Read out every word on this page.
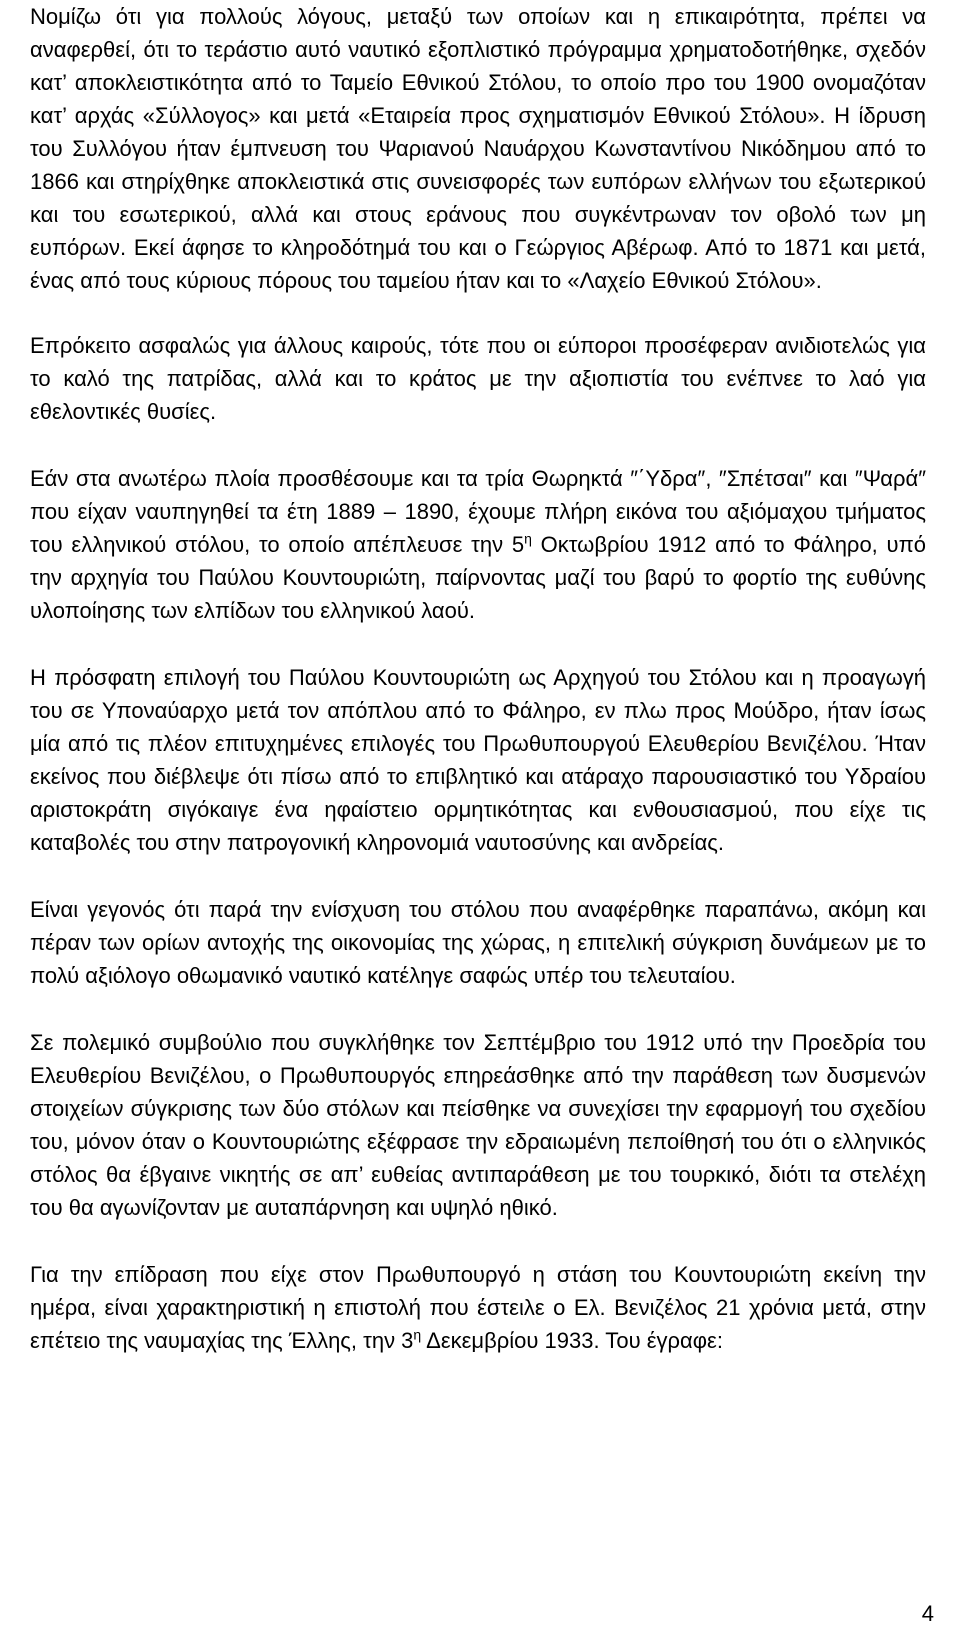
Νομίζω ότι για πολλούς λόγους, μεταξύ των οποίων και η επικαιρότητα, πρέπει να αναφερθεί, ότι το τεράστιο αυτό ναυτικό εξοπλιστικό πρόγραμμα χρηματοδοτήθηκε, σχεδόν κατ’ αποκλειστικότητα από το Ταμείο Εθνικού Στόλου, το οποίο προ του 1900 ονομαζόταν κατ’ αρχάς «Σύλλογος» και μετά «Εταιρεία προς σχηματισμόν Εθνικού Στόλου». Η ίδρυση του Συλλόγου ήταν έμπνευση του Ψαριανού Ναυάρχου Κωνσταντίνου Νικόδημου από το 1866 και στηρίχθηκε αποκλειστικά στις συνεισφορές των ευπόρων ελλήνων του εξωτερικού και του εσωτερικού, αλλά και στους εράνους που συγκέντρωναν τον οβολό των μη ευπόρων. Εκεί άφησε το κληροδότημά του και ο Γεώργιος Αβέρωφ. Από το 1871 και μετά, ένας από τους κύριους πόρους του ταμείου ήταν και το «Λαχείο Εθνικού Στόλου».

Επρόκειτο ασφαλώς για άλλους καιρούς, τότε που οι εύποροι προσέφεραν ανιδιοτελώς για το καλό της πατρίδας, αλλά και το κράτος με την αξιοπιστία του ενέπνεε το λαό για εθελοντικές θυσίες.

Εάν στα ανωτέρω πλοία προσθέσουμε και τα τρία Θωρηκτά ″΄Υδρα″, ″Σπέτσαι″ και ″Ψαρά″ που είχαν ναυπηγηθεί τα έτη 1889 – 1890, έχουμε πλήρη εικόνα του αξιόμαχου τμήματος του ελληνικού στόλου, το οποίο απέπλευσε την $5^\eta$ Οκτωβρίου 1912 από το Φάληρο, υπό την αρχηγία του Παύλου Κουντουριώτη, παίρνοντας μαζί του βαρύ το φορτίο της ευθύνης υλοποίησης των ελπίδων του ελληνικού λαού.

Η πρόσφατη επιλογή του Παύλου Κουντουριώτη ως Αρχηγού του Στόλου και η προαγωγή του σε Υποναύαρχο μετά τον απόπλου από το Φάληρο, εν πλω προς Μούδρο, ήταν ίσως μία από τις πλέον επιτυχημένες επιλογές του Πρωθυπουργού Ελευθερίου Βενιζέλου. Ήταν εκείνος που διέβλεψε ότι πίσω από το επιβλητικό και ατάραχο παρουσιαστικό του Υδραίου αριστοκράτη σιγόκαιγε ένα ηφαίστειο ορμητικότητας και ενθουσιασμού, που είχε τις καταβολές του στην πατρογονική κληρονομιά ναυτοσύνης και ανδρείας.

Είναι γεγονός ότι παρά την ενίσχυση του στόλου που αναφέρθηκε παραπάνω, ακόμη και πέραν των ορίων αντοχής της οικονομίας της χώρας, η επιτελική σύγκριση δυνάμεων με το πολύ αξιόλογο οθωμανικό ναυτικό κατέληγε σαφώς υπέρ του τελευταίου.

Σε πολεμικό συμβούλιο που συγκλήθηκε τον Σεπτέμβριο του 1912 υπό την Προεδρία του Ελευθερίου Βενιζέλου, ο Πρωθυπουργός επηρεάσθηκε από την παράθεση των δυσμενών στοιχείων σύγκρισης των δύο στόλων και πείσθηκε να συνεχίσει την εφαρμογή του σχεδίου του, μόνον όταν ο Κουντουριώτης εξέφρασε την εδραιωμένη πεποίθησή του ότι ο ελληνικός στόλος θα έβγαινε νικητής σε απ’ ευθείας αντιπαράθεση με του τουρκικό, διότι τα στελέχη του θα αγωνίζονταν με αυταπάρνηση και υψηλό ηθικό.

Για την επίδραση που είχε στον Πρωθυπουργό η στάση του Κουντουριώτη εκείνη την ημέρα, είναι χαρακτηριστική η επιστολή που έστειλε ο Ελ. Βενιζέλος 21 χρόνια μετά, στην επέτειο της ναυμαχίας της Έλλης, την $3^\eta$ Δεκεμβρίου 1933. Του έγραφε:

4
